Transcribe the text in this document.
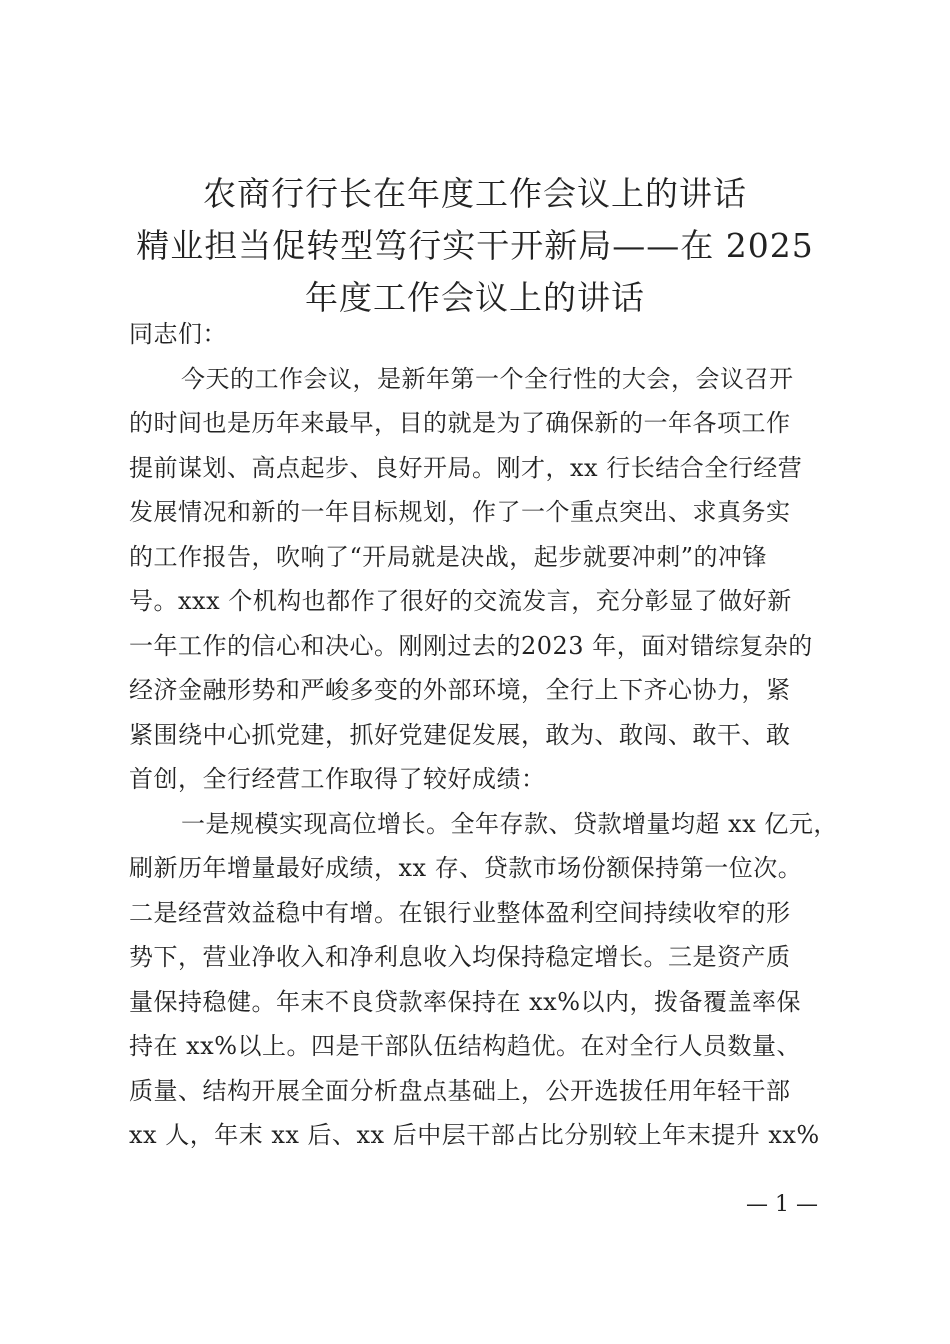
农商行行长在年度工作会议上的讲话
精业担当促转型笃行实干开新局——在 2025
年度工作会议上的讲话
同志们：
今天的工作会议，是新年第一个全行性的大会，会议召开
的时间也是历年来最早，目的就是为了确保新的一年各项工作
提前谋划、高点起步、良好开局。刚才，xx 行长结合全行经营
发展情况和新的一年目标规划，作了一个重点突出、求真务实
的工作报告，吹响了“开局就是决战，起步就要冲刺”的冲锋
号。xxx 个机构也都作了很好的交流发言，充分彰显了做好新
一年工作的信心和决心。刚刚过去的2023 年，面对错综复杂的
经济金融形势和严峻多变的外部环境，全行上下齐心协力，紧
紧围绕中心抓党建，抓好党建促发展，敢为、敢闯、敢干、敢
首创，全行经营工作取得了较好成绩：
一是规模实现高位增长。全年存款、贷款增量均超 xx 亿元，
刷新历年增量最好成绩，xx 存、贷款市场份额保持第一位次。
二是经营效益稳中有增。在银行业整体盈利空间持续收窄的形
势下，营业净收入和净利息收入均保持稳定增长。三是资产质
量保持稳健。年末不良贷款率保持在 xx%以内，拨备覆盖率保
持在 xx%以上。四是干部队伍结构趋优。在对全行人员数量、
质量、结构开展全面分析盘点基础上，公开选拔任用年轻干部
xx 人，年末 xx 后、xx 后中层干部占比分别较上年末提升 xx%
— 1 —
